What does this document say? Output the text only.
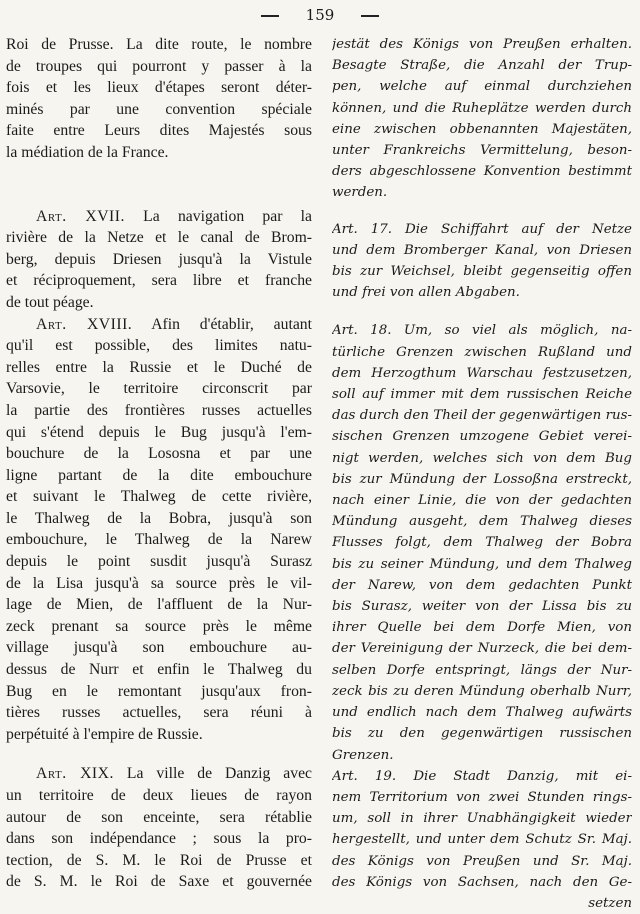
159
Roi de Prusse. La dite route, le nombre
de troupes qui pourront y passer à la
fois et les lieux d'étapes seront déter-
minés par une convention spéciale
faite entre Leurs dites Majestés sous
la médiation de la France.
Art. XVII. La navigation par la
rivière de la Netze et le canal de Brom-
berg, depuis Driesen jusqu'à la Vistule
et réciproquement, sera libre et franche
de tout péage.
Art. XVIII. Afin d'établir, autant
qu'il est possible, des limites natu-
relles entre la Russie et le Duché de
Varsovie, le territoire circonscrit par
la partie des frontières russes actuelles
qui s'étend depuis le Bug jusqu'à l'em-
bouchure de la Lososna et par une
ligne partant de la dite embouchure
et suivant le Thalweg de cette rivière,
le Thalweg de la Bobra, jusqu'à son
embouchure, le Thalweg de la Narew
depuis le point susdit jusqu'à Surasz
de la Lisa jusqu'à sa source près le vil-
lage de Mien, de l'affluent de la Nur-
zeck prenant sa source près le même
village jusqu'à son embouchure au-
dessus de Nurr et enfin le Thalweg du
Bug en le remontant jusqu'aux fron-
tières russes actuelles, sera réuni à
perpétuité à l'empire de Russie.
Art. XIX. La ville de Danzig avec
un territoire de deux lieues de rayon
autour de son enceinte, sera rétablie
dans son indépendance ; sous la pro-
tection, de S. M. le Roi de Prusse et
de S. M. le Roi de Saxe et gouvernée
jestät des Königs von Preußen erhalten.
Besagte Straße, die Anzahl der Trup-
pen, welche auf einmal durchziehen
können, und die Ruheplätze werden durch
eine zwischen obbenannten Majestäten,
unter Frankreichs Vermittelung, beson-
ders abgeschlossene Konvention bestimmt
werden.
Art. 17. Die Schiffahrt auf der Netze
und dem Bromberger Kanal, von Driesen
bis zur Weichsel, bleibt gegenseitig offen
und frei von allen Abgaben.
Art. 18. Um, so viel als möglich, na-
türliche Grenzen zwischen Rußland und
dem Herzogthum Warschau festzusetzen,
soll auf immer mit dem russischen Reiche
das durch den Theil der gegenwärtigen rus-
sischen Grenzen umzogene Gebiet verei-
nigt werden, welches sich von dem Bug
bis zur Mündung der Lossoßna erstreckt,
nach einer Linie, die von der gedachten
Mündung ausgeht, dem Thalweg dieses
Flusses folgt, dem Thalweg der Bobra
bis zu seiner Mündung, und dem Thalweg
der Narew, von dem gedachten Punkt
bis Surasz, weiter von der Lissa bis zu
ihrer Quelle bei dem Dorfe Mien, von
der Vereinigung der Nurzeck, die bei dem-
selben Dorfe entspringt, längs der Nur-
zeck bis zu deren Mündung oberhalb Nurr,
und endlich nach dem Thalweg aufwärts
bis zu den gegenwärtigen russischen
Grenzen.
Art. 19. Die Stadt Danzig, mit ei-
nem Territorium von zwei Stunden rings-
um, soll in ihrer Unabhängigkeit wieder
hergestellt, und unter dem Schutz Sr. Maj.
des Königs von Preußen und Sr. Maj.
des Königs von Sachsen, nach den Ge-
setzen
